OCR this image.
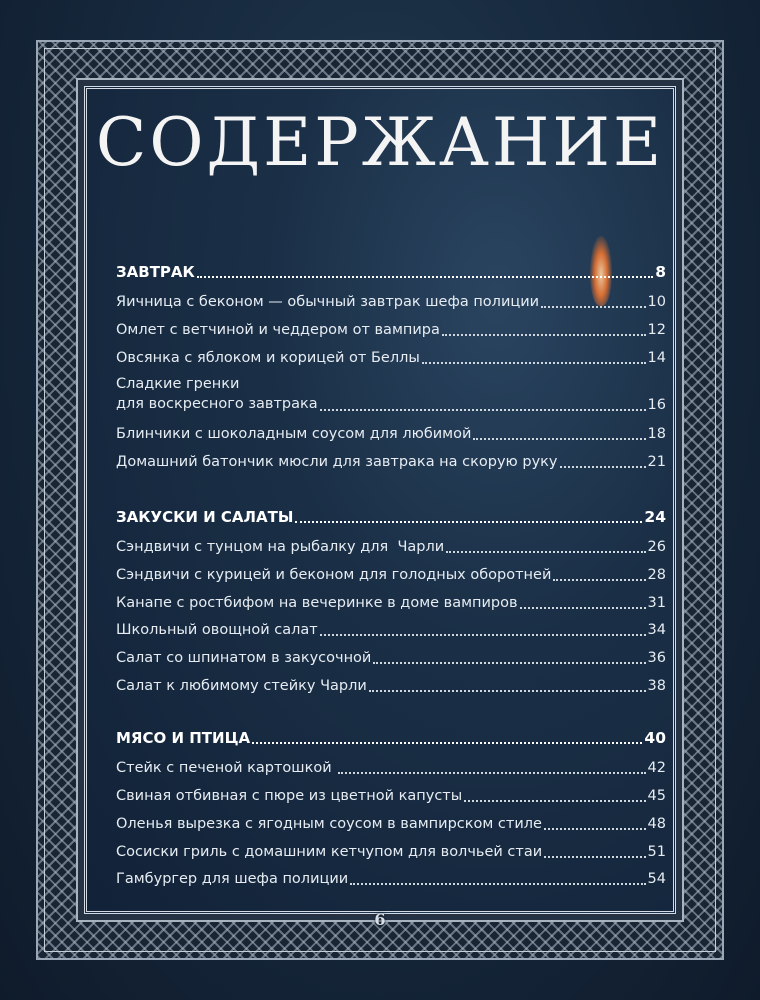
СОДЕРЖАНИЕ
ЗАВТРАК	8
Яичница с беконом — обычный завтрак шефа полиции	10
Омлет с ветчиной и чеддером от вампира	12
Овсянка с яблоком и корицей от Беллы	14
Сладкие гренки
для воскресного завтрака	16
Блинчики с шоколадным соусом для любимой	18
Домашний батончик мюсли для завтрака на скорую руку	21
ЗАКУСКИ И САЛАТЫ	24
Сэндвичи с тунцом на рыбалку для  Чарли	26
Сэндвичи с курицей и беконом для голодных оборотней	28
Канапе с ростбифом на вечеринке в доме вампиров	31
Школьный овощной салат	34
Салат со шпинатом в закусочной	36
Салат к любимому стейку Чарли	38
МЯСО И ПТИЦА	40
Стейк с печеной картошкой	42
Свиная отбивная с пюре из цветной капусты	45
Оленья вырезка с ягодным соусом в вампирском стиле	48
Сосиски гриль с домашним кетчупом для волчьей стаи	51
Гамбургер для шефа полиции	54
6
